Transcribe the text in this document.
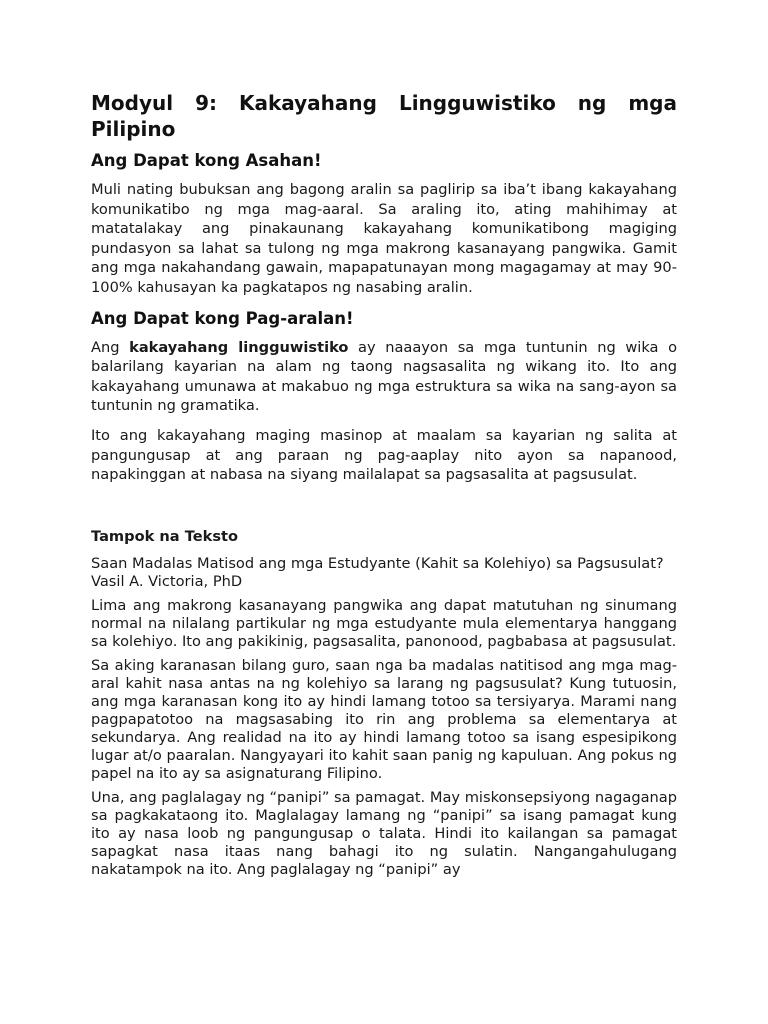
Modyul 9: Kakayahang Lingguwistiko ng mga Pilipino
Ang Dapat kong Asahan!

Muli nating bubuksan ang bagong aralin sa paglirip sa iba’t ibang kakayahang komunikatibo ng mga mag-aaral. Sa araling ito, ating mahihimay at matatalakay ang pinakaunang kakayahang komunikatibong magiging pundasyon sa lahat sa tulong ng mga makrong kasanayang pangwika. Gamit ang mga nakahandang gawain, mapapatunayan mong magagamay at may 90-100% kahusayan ka pagkatapos ng nasabing aralin.

Ang Dapat kong Pag-aralan!

Ang kakayahang lingguwistiko ay naaayon sa mga tuntunin ng wika o balarilang kayarian na alam ng taong nagsasalita ng wikang ito. Ito ang kakayahang umunawa at makabuo ng mga estruktura sa wika na sang-ayon sa tuntunin ng gramatika.

Ito ang kakayahang maging masinop at maalam sa kayarian ng salita at pangungusap at ang paraan ng pag-aaplay nito ayon sa napanood, napakinggan at nabasa na siyang mailalapat sa pagsasalita at pagsusulat.

Tampok na Teksto

Saan Madalas Matisod ang mga Estudyante (Kahit sa Kolehiyo) sa Pagsusulat?

Vasil A. Victoria, PhD

Lima ang makrong kasanayang pangwika ang dapat matutuhan ng sinumang normal na nilalang partikular ng mga estudyante mula elementarya hanggang sa kolehiyo. Ito ang pakikinig, pagsasalita, panonood, pagbabasa at pagsusulat.

Sa aking karanasan bilang guro, saan nga ba madalas natitisod ang mga mag-aral kahit nasa antas na ng kolehiyo sa larang ng pagsusulat? Kung tutuosin, ang mga karanasan kong ito ay hindi lamang totoo sa tersiyarya. Marami nang pagpapatotoo na magsasabing ito rin ang problema sa elementarya at sekundarya. Ang realidad na ito ay hindi lamang totoo sa isang espesipikong lugar at/o paaralan. Nangyayari ito kahit saan panig ng kapuluan. Ang pokus ng papel na ito ay sa asignaturang Filipino.

Una, ang paglalagay ng “panipi” sa pamagat. May miskonsepsiyong nagaganap sa pagkakataong ito. Maglalagay lamang ng “panipi” sa isang pamagat kung ito ay nasa loob ng pangungusap o talata. Hindi ito kailangan sa pamagat sapagkat nasa itaas nang bahagi ito ng sulatin. Nangangahulugang nakatampok na ito. Ang paglalagay ng “panipi” ay
